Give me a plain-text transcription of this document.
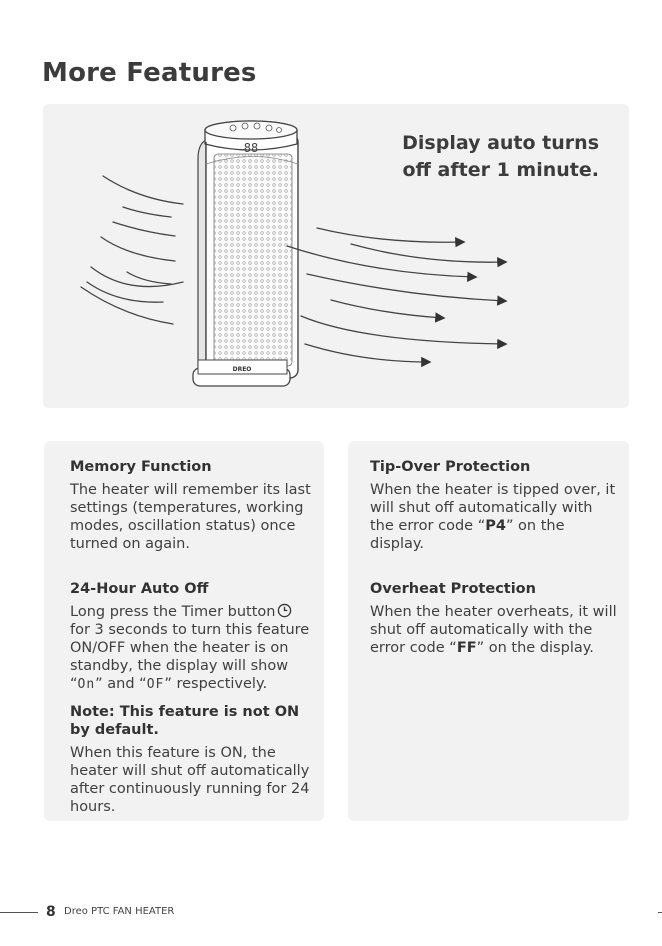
More Features
88
DREO
Display auto turns
off after 1 minute.
Memory Function
The heater will remember its last settings (temperatures, working modes, oscillation status) once turned on again.
24-Hour Auto Off
Long press the Timer button
for 3 seconds to turn this feature
ON/OFF when the heater is on
standby, the display will show
“On” and “OF” respectively.
Note: This feature is not ON by default.
When this feature is ON, the heater will shut off automatically after continuously running for 24 hours.
Tip-Over Protection
When the heater is tipped over, it will shut off automatically with the error code “P4” on the display.
Overheat Protection
When the heater overheats, it will shut off automatically with the error code “FF” on the display.
8 Dreo PTC FAN HEATER
